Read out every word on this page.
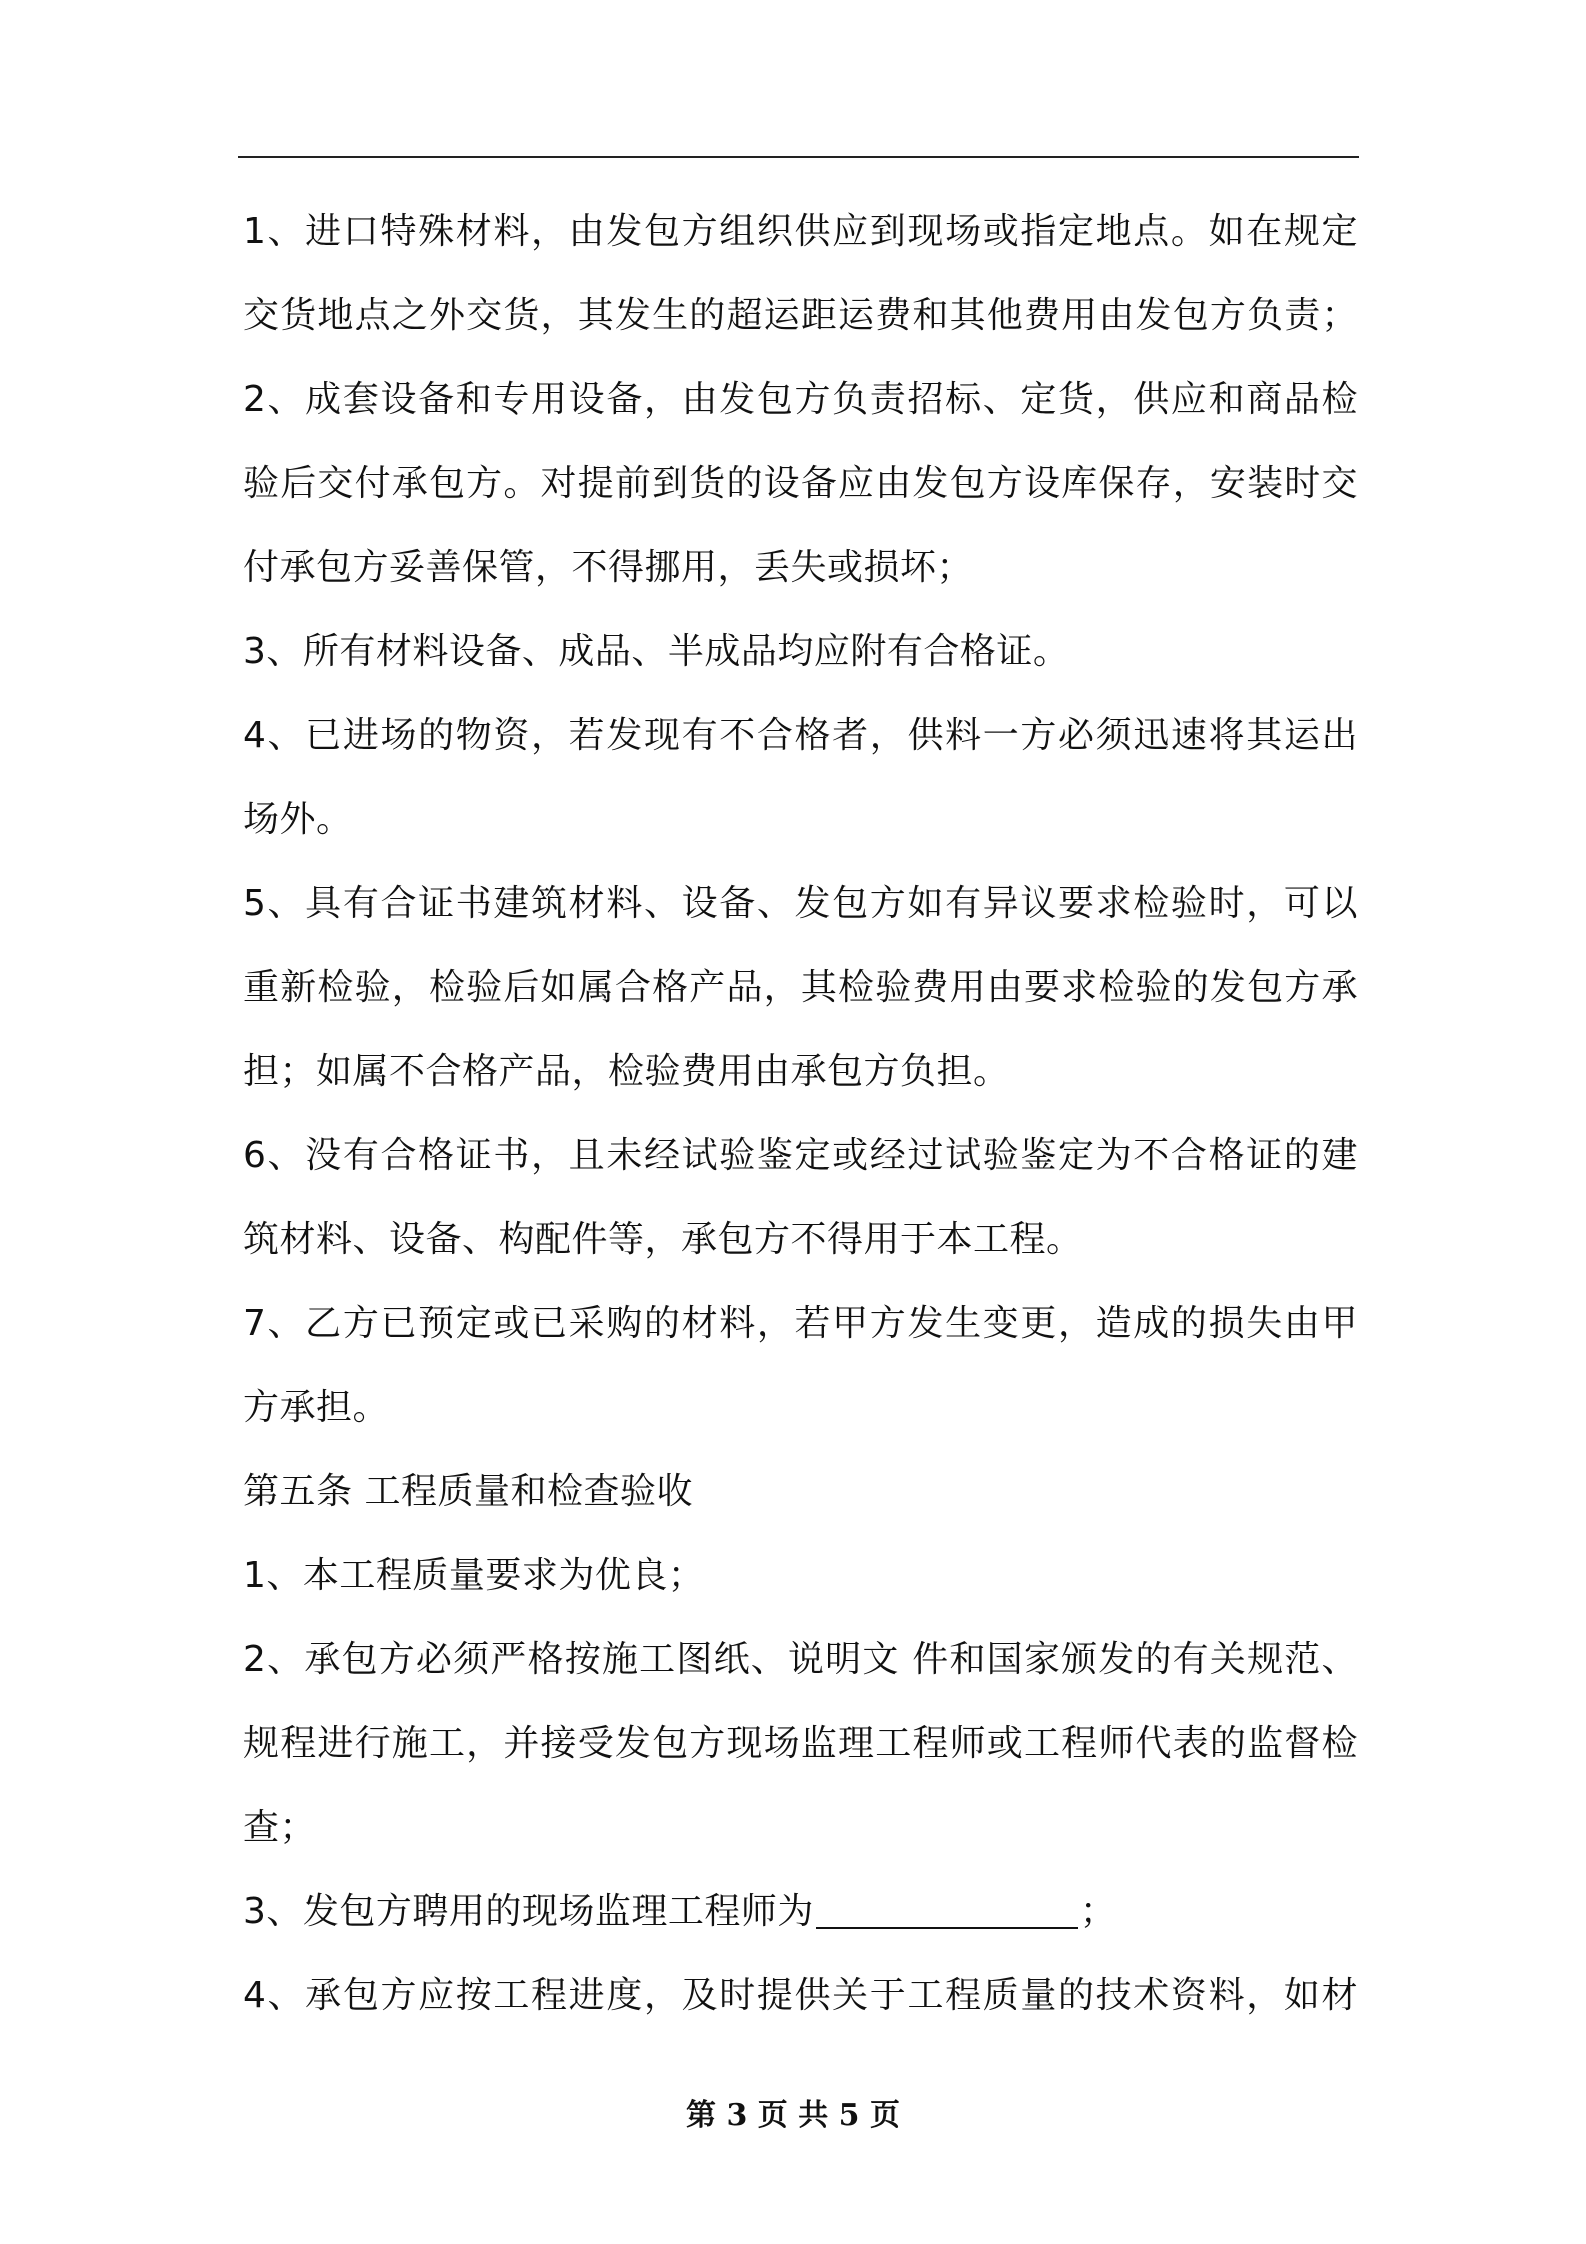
1、进口特殊材料，由发包方组织供应到现场或指定地点。如在规定
交货地点之外交货，其发生的超运距运费和其他费用由发包方负责；
2、成套设备和专用设备，由发包方负责招标、定货，供应和商品检
验后交付承包方。对提前到货的设备应由发包方设库保存，安装时交
付承包方妥善保管，不得挪用，丢失或损坏；
3、所有材料设备、成品、半成品均应附有合格证。
4、已进场的物资，若发现有不合格者，供料一方必须迅速将其运出
场外。
5、具有合证书建筑材料、设备、发包方如有异议要求检验时，可以
重新检验，检验后如属合格产品，其检验费用由要求检验的发包方承
担；如属不合格产品，检验费用由承包方负担。
6、没有合格证书，且未经试验鉴定或经过试验鉴定为不合格证的建
筑材料、设备、构配件等，承包方不得用于本工程。
7、乙方已预定或已采购的材料，若甲方发生变更，造成的损失由甲
方承担。
第五条 工程质量和检查验收
1、本工程质量要求为优良；
2、承包方必须严格按施工图纸、说明文 件和国家颁发的有关规范、
规程进行施工，并接受发包方现场监理工程师或工程师代表的监督检
查；
3、发包方聘用的现场监理工程师为	；
4、承包方应按工程进度，及时提供关于工程质量的技术资料，如材
第 3 页 共 5 页
